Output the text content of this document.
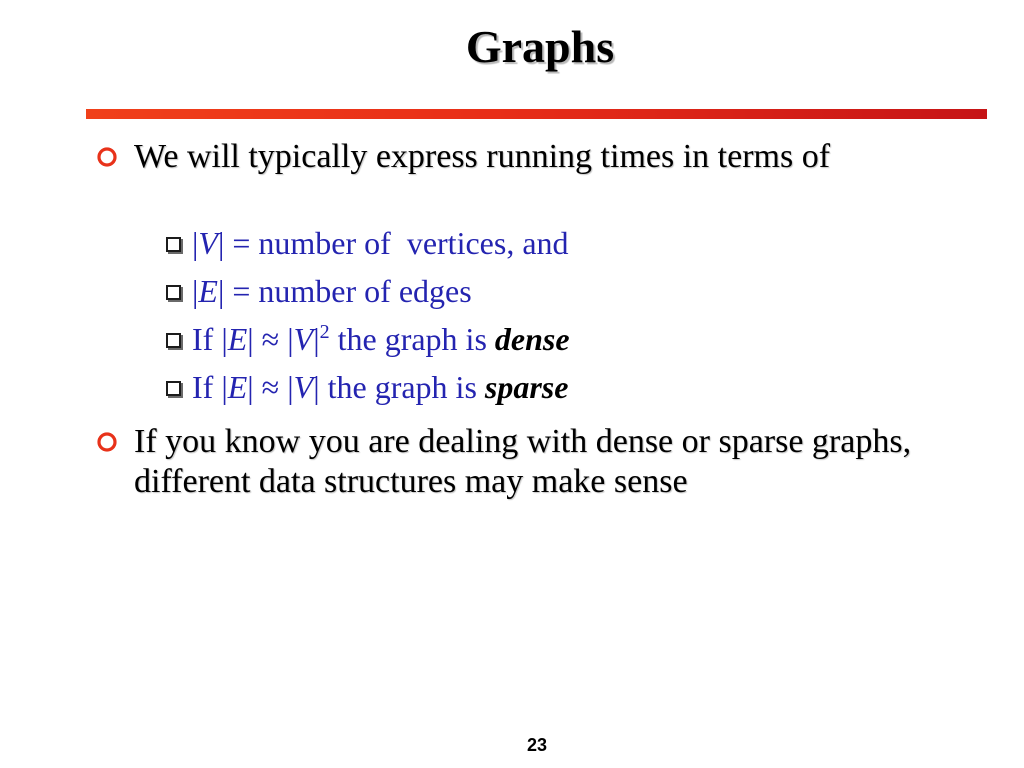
Graphs
We will typically express running times in terms of

|V| = number of  vertices, and

|E| = number of edges

If $|E| \approx |V|^2$ the graph is dense

If |E| ≈ |V| the graph is sparse

If you know you are dealing with dense or sparse graphs, different data structures may make sense
23
